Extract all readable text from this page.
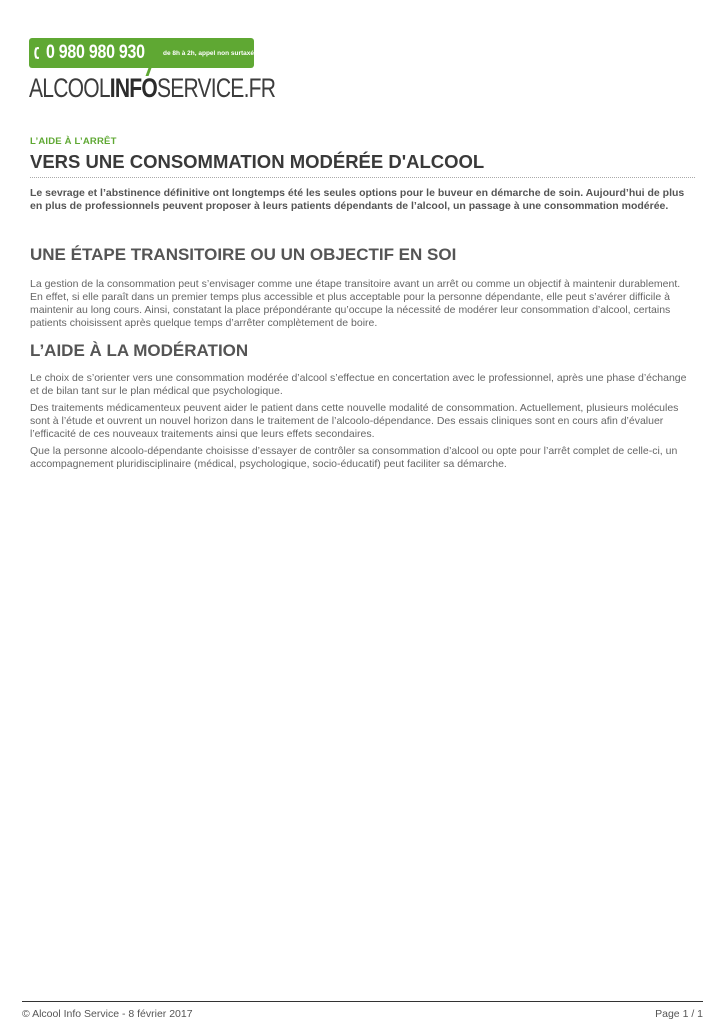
0 980 980 930	de 8h à 2h, appel non surtaxé
ALCOOLINFOSERVICE.FR
L’AIDE À L’ARRÊT
VERS UNE CONSOMMATION MODÉRÉE D'ALCOOL

Le sevrage et l’abstinence définitive ont longtemps été les seules options pour le buveur en démarche de soin. Aujourd’hui de plus en plus de professionnels peuvent proposer à leurs patients dépendants de l’alcool, un passage à une consommation modérée.

UNE ÉTAPE TRANSITOIRE OU UN OBJECTIF EN SOI

La gestion de la consommation peut s’envisager comme une étape transitoire avant un arrêt ou comme un objectif à maintenir durablement. En effet, si elle paraît dans un premier temps plus accessible et plus acceptable pour la personne dépendante, elle peut s’avérer difficile à maintenir au long cours. Ainsi, constatant la place prépondérante qu’occupe la nécessité de modérer leur consommation d’alcool, certains patients choisissent après quelque temps d’arrêter complètement de boire.

L’AIDE À LA MODÉRATION

Le choix de s’orienter vers une consommation modérée d’alcool s’effectue en concertation avec le professionnel, après une phase d’échange et de bilan tant sur le plan médical que psychologique.

Des traitements médicamenteux peuvent aider le patient dans cette nouvelle modalité de consommation. Actuellement, plusieurs molécules sont à l’étude et ouvrent un nouvel horizon dans le traitement de l’alcoolo-dépendance. Des essais cliniques sont en cours afin d’évaluer l’efficacité de ces nouveaux traitements ainsi que leurs effets secondaires.

Que la personne alcoolo-dépendante choisisse d’essayer de contrôler sa consommation d’alcool ou opte pour l’arrêt complet de celle-ci, un accompagnement pluridisciplinaire (médical, psychologique, socio-éducatif) peut faciliter sa démarche.

© Alcool Info Service - 8 février 2017	Page 1 / 1
